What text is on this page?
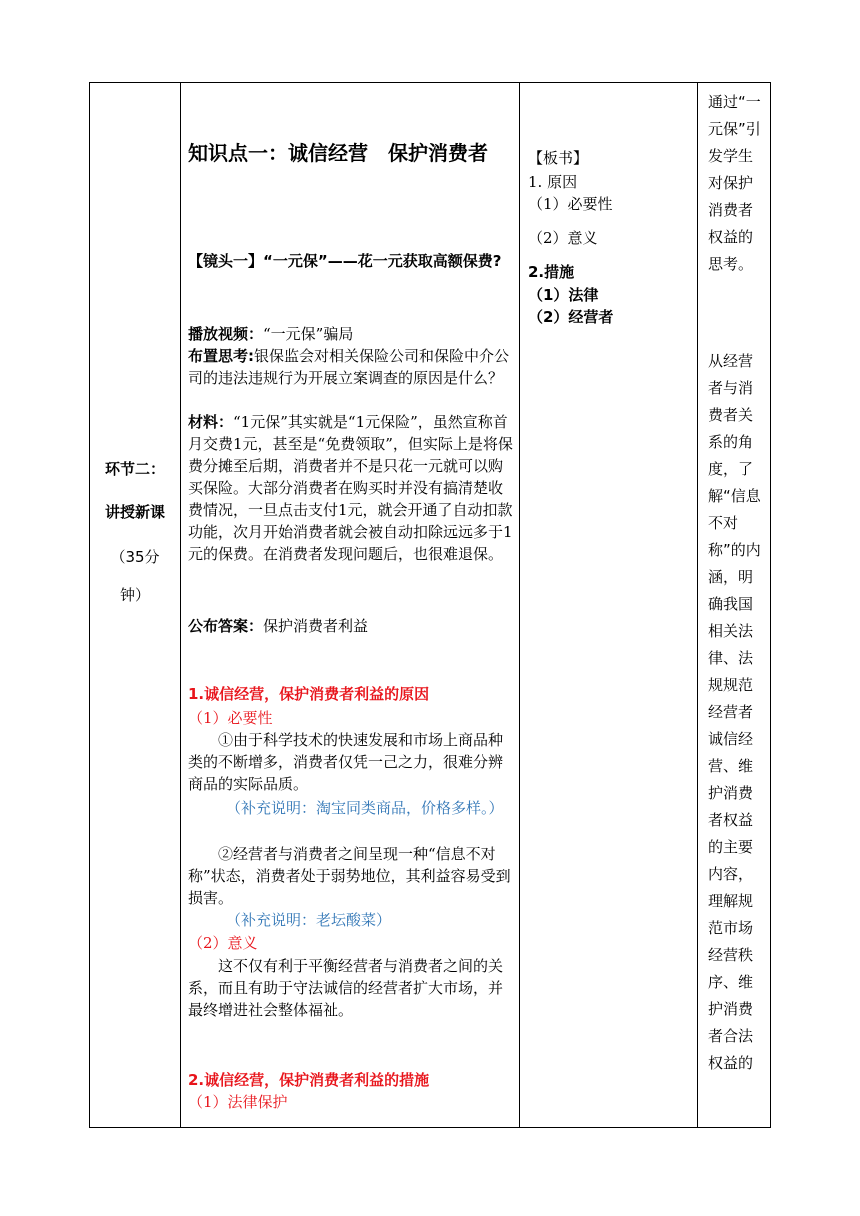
环节二：

讲授新课

（35分钟）

知识点一：诚信经营　保护消费者

【镜头一】“一元保”——花一元获取高额保费?

播放视频：“一元保”骗局

布置思考:银保监会对相关保险公司和保险中介公司的违法违规行为开展立案调查的原因是什么？

材料：“1元保”其实就是“1元保险”，虽然宣称首月交费1元，甚至是“免费领取”，但实际上是将保费分摊至后期，消费者并不是只花一元就可以购买保险。大部分消费者在购买时并没有搞清楚收费情况，一旦点击支付1元，就会开通了自动扣款功能，次月开始消费者就会被自动扣除远远多于1元的保费。在消费者发现问题后，也很难退保。

公布答案：保护消费者利益

1.诚信经营，保护消费者利益的原因

（1）必要性

①由于科学技术的快速发展和市场上商品种类的不断增多，消费者仅凭一己之力，很难分辨商品的实际品质。

（补充说明：淘宝同类商品，价格多样。）

②经营者与消费者之间呈现一种“信息不对称”状态，消费者处于弱势地位，其利益容易受到损害。

（补充说明：老坛酸菜）

（2）意义

这不仅有利于平衡经营者与消费者之间的关系，而且有助于守法诚信的经营者扩大市场，并最终增进社会整体福祉。

2.诚信经营，保护消费者利益的措施

（1）法律保护

【板书】
1. 原因
（1）必要性
（2）意义
2.措施
（1）法律
（2）经营者
通过“一元保”引发学生对保护消费者权益的思考。
从经营者与消费者关系的角度，了解“信息不对称”的内涵，明确我国相关法律、法规规范经营者诚信经营、维护消费者权益的主要内容，理解规范市场经营秩序、维护消费者合法权益的
